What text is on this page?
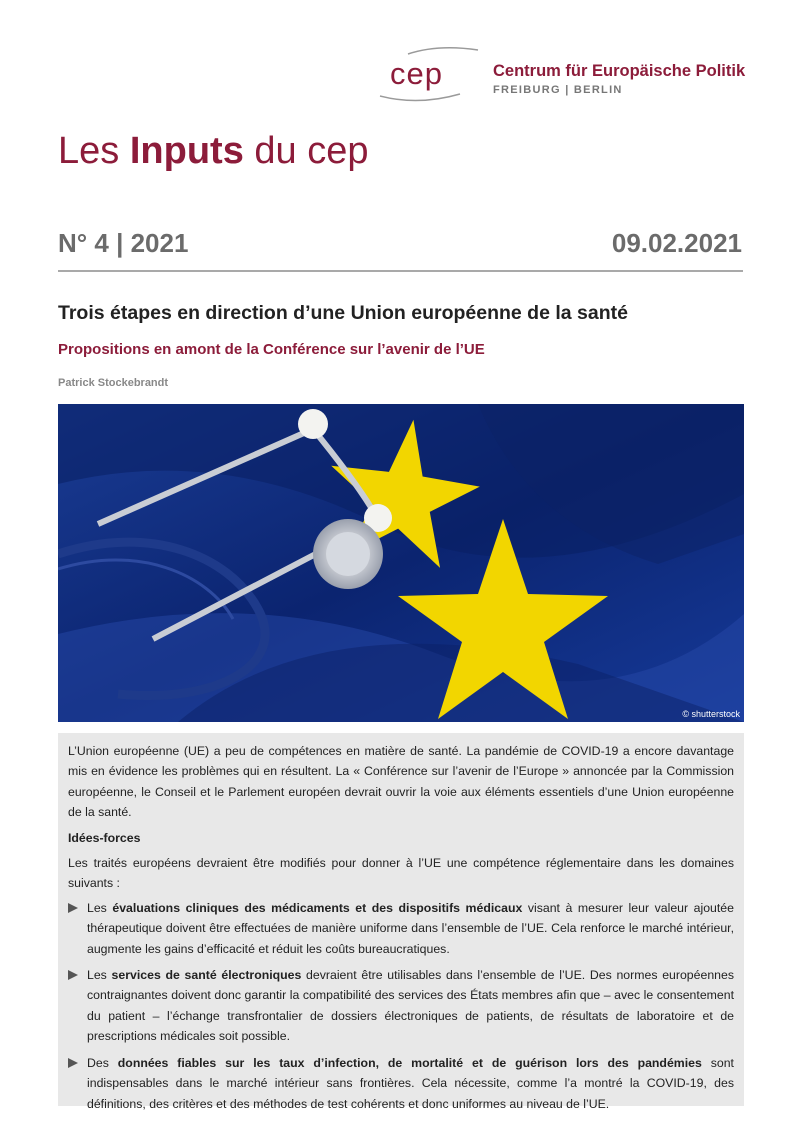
cep	Centrum für Europäische Politik
FREIBURG | BERLIN
Les Inputs du cep
N° 4 | 2021	09.02.2021
Trois étapes en direction d’une Union européenne de la santé
Propositions en amont de la Conférence sur l’avenir de l’UE
Patrick Stockebrandt
© shutterstock

L’Union européenne (UE) a peu de compétences en matière de santé. La pandémie de COVID-19 a encore davantage mis en évidence les problèmes qui en résultent. La « Conférence sur l’avenir de l’Europe » annoncée par la Commission européenne, le Conseil et le Parlement européen devrait ouvrir la voie aux éléments essentiels d’une Union européenne de la santé.

Idées-forces

Les traités européens devraient être modifiés pour donner à l’UE une compétence réglementaire dans les domaines suivants :

Les évaluations cliniques des médicaments et des dispositifs médicaux visant à mesurer leur valeur ajoutée thérapeutique doivent être effectuées de manière uniforme dans l’ensemble de l’UE. Cela renforce le marché intérieur, augmente les gains d’efficacité et réduit les coûts bureaucratiques.
Les services de santé électroniques devraient être utilisables dans l’ensemble de l’UE. Des normes européennes contraignantes doivent donc garantir la compatibilité des services des États membres afin que – avec le consentement du patient – l’échange transfrontalier de dossiers électroniques de patients, de résultats de laboratoire et de prescriptions médicales soit possible.
Des données fiables sur les taux d’infection, de mortalité et de guérison lors des pandémies sont indispensables dans le marché intérieur sans frontières. Cela nécessite, comme l’a montré la COVID-19, des définitions, des critères et des méthodes de test cohérents et donc uniformes au niveau de l’UE.
